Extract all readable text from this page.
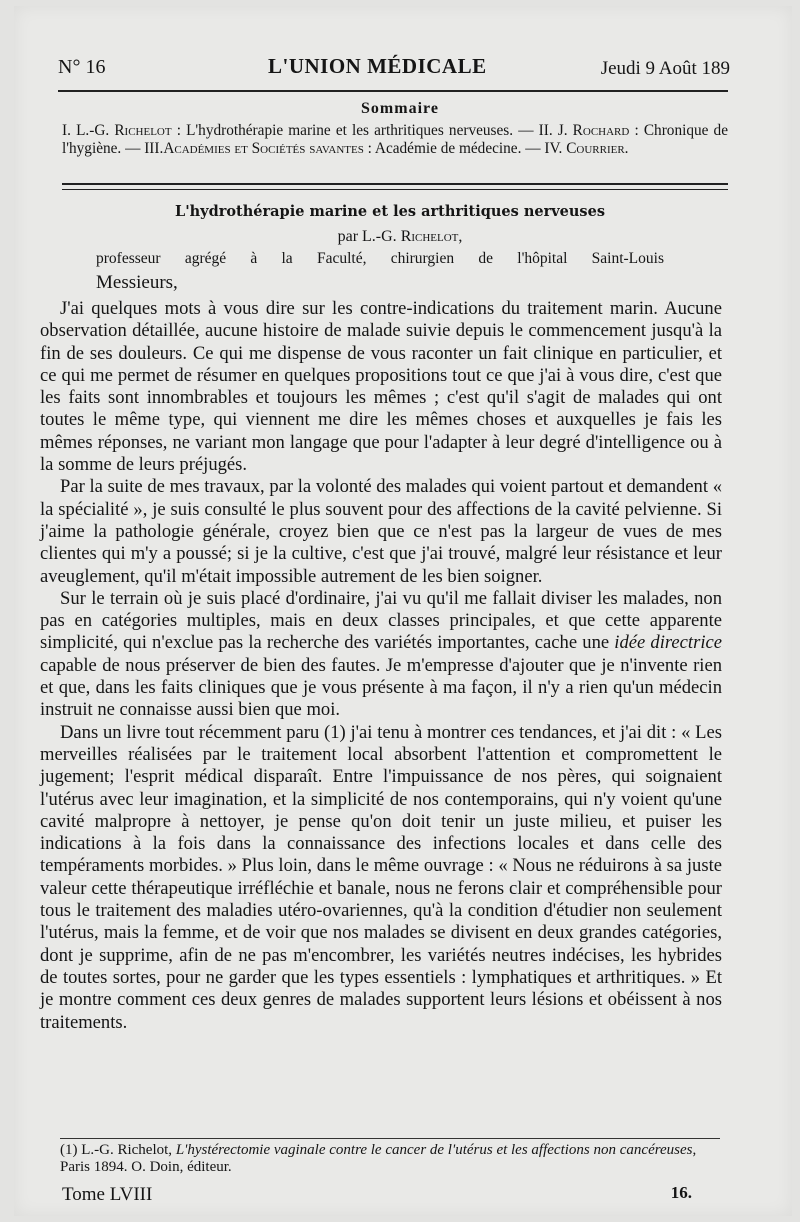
N° 16	L'UNION MÉDICALE	Jeudi 9 Août 189
Sommaire
I. L.-G. Richelot : L'hydrothérapie marine et les arthritiques nerveuses. — II. J. Rochard : Chronique de l'hygiène. — III.Académies et Sociétés savantes : Académie de médecine. — IV. Courrier.
L'hydrothérapie marine et les arthritiques nerveuses
par L.-G. Richelot,
professeur agrégé à la Faculté, chirurgien de l'hôpital Saint-Louis
Messieurs,

J'ai quelques mots à vous dire sur les contre-indications du traitement marin. Aucune observation détaillée, aucune histoire de malade suivie depuis le commencement jusqu'à la fin de ses douleurs. Ce qui me dispense de vous raconter un fait clinique en particulier, et ce qui me permet de résumer en quelques propositions tout ce que j'ai à vous dire, c'est que les faits sont innombrables et toujours les mêmes ; c'est qu'il s'agit de malades qui ont toutes le même type, qui viennent me dire les mêmes choses et auxquelles je fais les mêmes réponses, ne variant mon langage que pour l'adapter à leur degré d'intelligence ou à la somme de leurs préjugés.

Par la suite de mes travaux, par la volonté des malades qui voient partout et demandent « la spécialité », je suis consulté le plus souvent pour des affections de la cavité pelvienne. Si j'aime la pathologie générale, croyez bien que ce n'est pas la largeur de vues de mes clientes qui m'y a poussé; si je la cultive, c'est que j'ai trouvé, malgré leur résistance et leur aveuglement, qu'il m'était impossible autrement de les bien soigner.

Sur le terrain où je suis placé d'ordinaire, j'ai vu qu'il me fallait diviser les malades, non pas en catégories multiples, mais en deux classes principales, et que cette apparente simplicité, qui n'exclue pas la recherche des variétés importantes, cache une idée directrice capable de nous préserver de bien des fautes. Je m'empresse d'ajouter que je n'invente rien et que, dans les faits cliniques que je vous présente à ma façon, il n'y a rien qu'un médecin instruit ne connaisse aussi bien que moi.

Dans un livre tout récemment paru (1) j'ai tenu à montrer ces tendances, et j'ai dit : « Les merveilles réalisées par le traitement local absorbent l'attention et compromettent le jugement; l'esprit médical disparaît. Entre l'impuissance de nos pères, qui soignaient l'utérus avec leur imagination, et la simplicité de nos contemporains, qui n'y voient qu'une cavité malpropre à nettoyer, je pense qu'on doit tenir un juste milieu, et puiser les indications à la fois dans la connaissance des infections locales et dans celle des tempéraments morbides. » Plus loin, dans le même ouvrage : « Nous ne réduirons à sa juste valeur cette thérapeutique irréfléchie et banale, nous ne ferons clair et compréhensible pour tous le traitement des maladies utéro-ovariennes, qu'à la condition d'étudier non seulement l'utérus, mais la femme, et de voir que nos malades se divisent en deux grandes catégories, dont je supprime, afin de ne pas m'encombrer, les variétés neutres indécises, les hybrides de toutes sortes, pour ne garder que les types essentiels : lymphatiques et arthritiques. » Et je montre comment ces deux genres de malades supportent leurs lésions et obéissent à nos traitements.

(1) L.-G. Richelot, L'hystérectomie vaginale contre le cancer de l'utérus et les affections non cancéreuses, Paris 1894. O. Doin, éditeur.
Tome LVIII	16.
